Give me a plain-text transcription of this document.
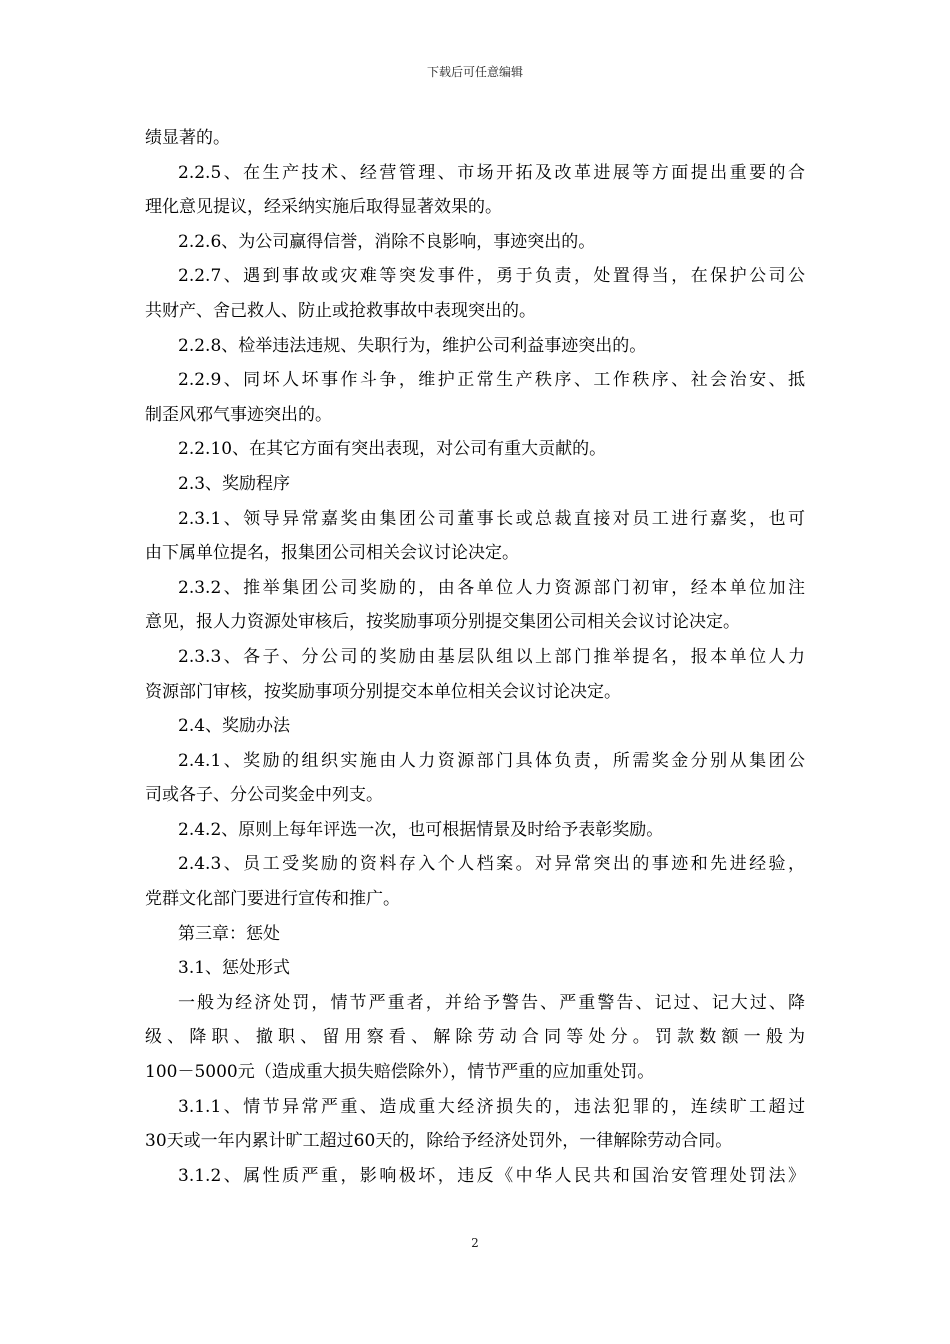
下载后可任意编辑
绩显著的。
2.2.5、在生产技术、经营管理、市场开拓及改革进展等方面提出重要的合
理化意见提议，经采纳实施后取得显著效果的。
2.2.6、为公司赢得信誉，消除不良影响，事迹突出的。
2.2.7、遇到事故或灾难等突发事件，勇于负责，处置得当，在保护公司公
共财产、舍己救人、防止或抢救事故中表现突出的。
2.2.8、检举违法违规、失职行为，维护公司利益事迹突出的。
2.2.9、同坏人坏事作斗争，维护正常生产秩序、工作秩序、社会治安、抵
制歪风邪气事迹突出的。
2.2.10、在其它方面有突出表现，对公司有重大贡献的。
2.3、奖励程序
2.3.1、领导异常嘉奖由集团公司董事长或总裁直接对员工进行嘉奖，也可
由下属单位提名，报集团公司相关会议讨论决定。
2.3.2、推举集团公司奖励的，由各单位人力资源部门初审，经本单位加注
意见，报人力资源处审核后，按奖励事项分别提交集团公司相关会议讨论决定。
2.3.3、各子、分公司的奖励由基层队组以上部门推举提名，报本单位人力
资源部门审核，按奖励事项分别提交本单位相关会议讨论决定。
2.4、奖励办法
2.4.1、奖励的组织实施由人力资源部门具体负责，所需奖金分别从集团公
司或各子、分公司奖金中列支。
2.4.2、原则上每年评选一次，也可根据情景及时给予表彰奖励。
2.4.3、员工受奖励的资料存入个人档案。对异常突出的事迹和先进经验，
党群文化部门要进行宣传和推广。
第三章：惩处
3.1、惩处形式
一般为经济处罚，情节严重者，并给予警告、严重警告、记过、记大过、降
级、降职、撤职、留用察看、解除劳动合同等处分。罚款数额一般为
100－5000元（造成重大损失赔偿除外），情节严重的应加重处罚。
3.1.1、情节异常严重、造成重大经济损失的，违法犯罪的，连续旷工超过
30天或一年内累计旷工超过60天的，除给予经济处罚外，一律解除劳动合同。
3.1.2、属性质严重，影响极坏，违反《中华人民共和国治安管理处罚法》
2
